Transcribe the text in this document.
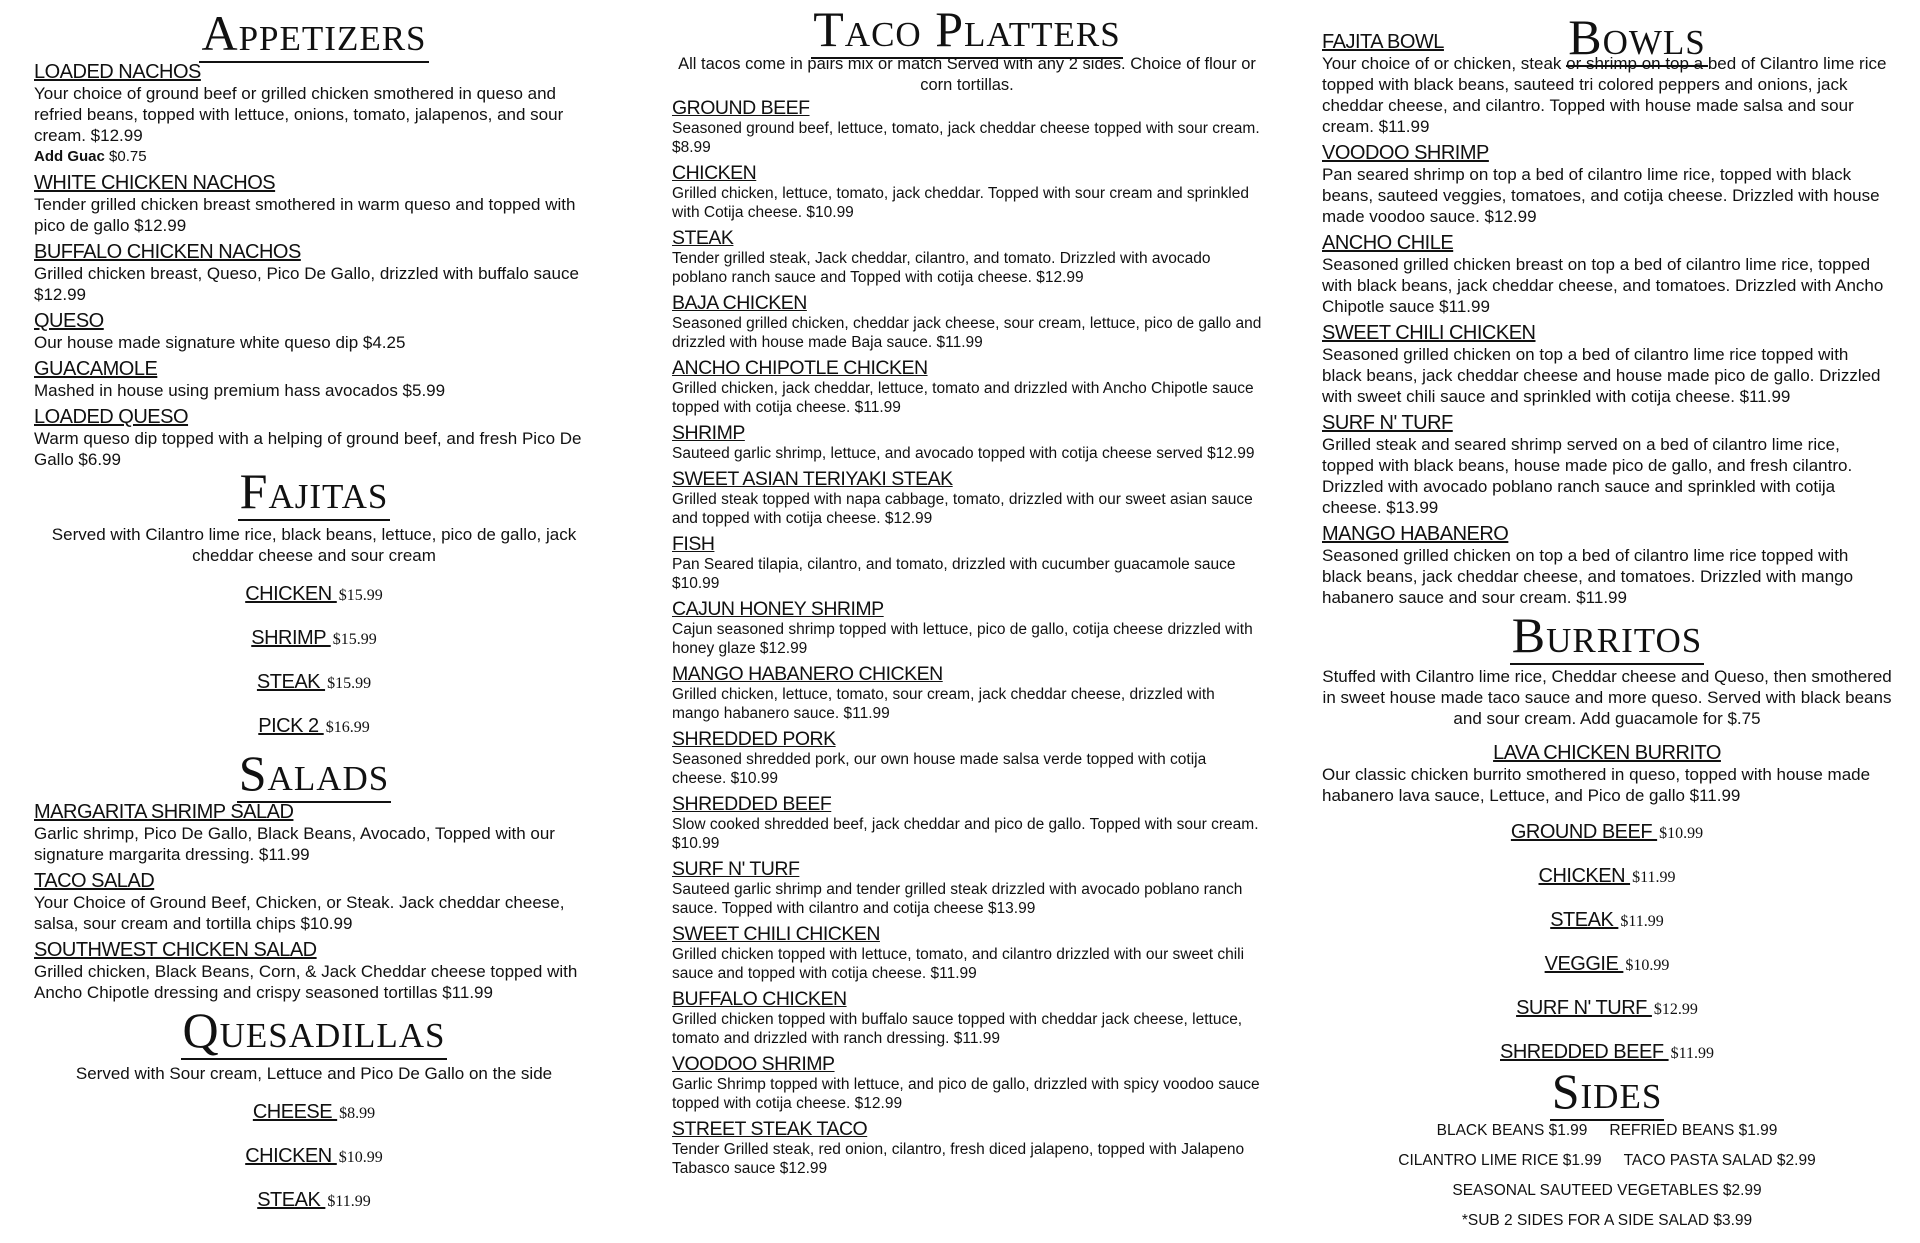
Appetizers

LOADED NACHOS

Your choice of ground beef or grilled chicken smothered in queso and refried beans, topped with lettuce, onions, tomato, jalapenos, and sour cream. $12.99

Add Guac $0.75

WHITE CHICKEN NACHOS

Tender grilled chicken breast smothered in warm queso and topped with pico de gallo $12.99

BUFFALO CHICKEN NACHOS

Grilled chicken breast, Queso, Pico De Gallo, drizzled with buffalo sauce $12.99

QUESO

Our house made signature white queso dip $4.25

GUACAMOLE

Mashed in house using premium hass avocados $5.99

LOADED QUESO

Warm queso dip topped with a helping of ground beef, and fresh Pico De Gallo $6.99

Fajitas

Served with Cilantro lime rice, black beans, lettuce, pico de gallo, jack cheddar cheese and sour cream

CHICKEN $15.99
SHRIMP $15.99
STEAK $15.99
PICK 2 $16.99
Salads

MARGARITA SHRIMP SALAD

Garlic shrimp, Pico De Gallo, Black Beans, Avocado, Topped with our signature margarita dressing. $11.99

TACO SALAD

Your Choice of Ground Beef, Chicken, or Steak. Jack cheddar cheese, salsa, sour cream and tortilla chips $10.99

SOUTHWEST CHICKEN SALAD

Grilled chicken, Black Beans, Corn, & Jack Cheddar cheese topped with Ancho Chipotle dressing and crispy seasoned tortillas $11.99

Quesadillas

Served with Sour cream, Lettuce and Pico De Gallo on the side

CHEESE $8.99
CHICKEN $10.99
STEAK $11.99
Taco Platters

All tacos come in pairs mix or match Served with any 2 sides. Choice of flour or corn tortillas.

GROUND BEEF

Seasoned ground beef, lettuce, tomato, jack cheddar cheese topped with sour cream. $8.99

CHICKEN

Grilled chicken, lettuce, tomato, jack cheddar. Topped with sour cream and sprinkled with Cotija cheese. $10.99

STEAK

Tender grilled steak, Jack cheddar, cilantro, and tomato. Drizzled with avocado poblano ranch sauce and Topped with cotija cheese. $12.99

BAJA CHICKEN

Seasoned grilled chicken, cheddar jack cheese, sour cream, lettuce, pico de gallo and drizzled with house made Baja sauce. $11.99

ANCHO CHIPOTLE CHICKEN

Grilled chicken, jack cheddar, lettuce, tomato and drizzled with Ancho Chipotle sauce topped with cotija cheese. $11.99

SHRIMP

Sauteed garlic shrimp, lettuce, and avocado topped with cotija cheese served $12.99

SWEET ASIAN TERIYAKI STEAK

Grilled steak topped with napa cabbage, tomato, drizzled with our sweet asian sauce and topped with cotija cheese. $12.99

FISH

Pan Seared tilapia, cilantro, and tomato, drizzled with cucumber guacamole sauce $10.99

CAJUN HONEY SHRIMP

Cajun seasoned shrimp topped with lettuce, pico de gallo, cotija cheese drizzled with honey glaze $12.99

MANGO HABANERO CHICKEN

Grilled chicken, lettuce, tomato, sour cream, jack cheddar cheese, drizzled with mango habanero sauce. $11.99

SHREDDED PORK

Seasoned shredded pork, our own house made salsa verde topped with cotija cheese. $10.99

SHREDDED BEEF

Slow cooked shredded beef, jack cheddar and pico de gallo. Topped with sour cream. $10.99

SURF N' TURF

Sauteed garlic shrimp and tender grilled steak drizzled with avocado poblano ranch sauce. Topped with cilantro and cotija cheese $13.99

SWEET CHILI CHICKEN

Grilled chicken topped with lettuce, tomato, and cilantro drizzled with our sweet chili sauce and topped with cotija cheese. $11.99

BUFFALO CHICKEN

Grilled chicken topped with buffalo sauce topped with cheddar jack cheese, lettuce, tomato and drizzled with ranch dressing. $11.99

VOODOO SHRIMP

Garlic Shrimp topped with lettuce, and pico de gallo, drizzled with spicy voodoo sauce topped with cotija cheese. $12.99

STREET STEAK TACO

Tender Grilled steak, red onion, cilantro, fresh diced jalapeno, topped with Jalapeno Tabasco sauce $12.99

Bowls

FAJITA BOWL

Your choice of or chicken, steak or shrimp on top a bed of Cilantro lime rice topped with black beans, sauteed tri colored peppers and onions, jack cheddar cheese, and cilantro. Topped with house made salsa and sour cream. $11.99

VOODOO SHRIMP

Pan seared shrimp on top a bed of cilantro lime rice, topped with black beans, sauteed veggies, tomatoes, and cotija cheese. Drizzled with house made voodoo sauce. $12.99

ANCHO CHILE

Seasoned grilled chicken breast on top a bed of cilantro lime rice, topped with black beans, jack cheddar cheese, and tomatoes. Drizzled with Ancho Chipotle sauce $11.99

SWEET CHILI CHICKEN

Seasoned grilled chicken on top a bed of cilantro lime rice topped with black beans, jack cheddar cheese and house made pico de gallo. Drizzled with sweet chili sauce and sprinkled with cotija cheese. $11.99

SURF N' TURF

Grilled steak and seared shrimp served on a bed of cilantro lime rice, topped with black beans, house made pico de gallo, and fresh cilantro. Drizzled with avocado poblano ranch sauce and sprinkled with cotija cheese. $13.99

MANGO HABANERO

Seasoned grilled chicken on top a bed of cilantro lime rice topped with black beans, jack cheddar cheese, and tomatoes. Drizzled with mango habanero sauce and sour cream. $11.99

Burritos

Stuffed with Cilantro lime rice, Cheddar cheese and Queso, then smothered in sweet house made taco sauce and more queso. Served with black beans and sour cream. Add guacamole for $.75

LAVA CHICKEN BURRITO

Our classic chicken burrito smothered in queso, topped with house made habanero lava sauce, Lettuce, and Pico de gallo $11.99

GROUND BEEF $10.99
CHICKEN $11.99
STEAK $11.99
VEGGIE $10.99
SURF N' TURF $12.99
SHREDDED BEEF $11.99
Sides
BLACK BEANS $1.99 REFRIED BEANS $1.99
CILANTRO LIME RICE $1.99 TACO PASTA SALAD $2.99
SEASONAL SAUTEED VEGETABLES $2.99
*SUB 2 SIDES FOR A SIDE SALAD $3.99
